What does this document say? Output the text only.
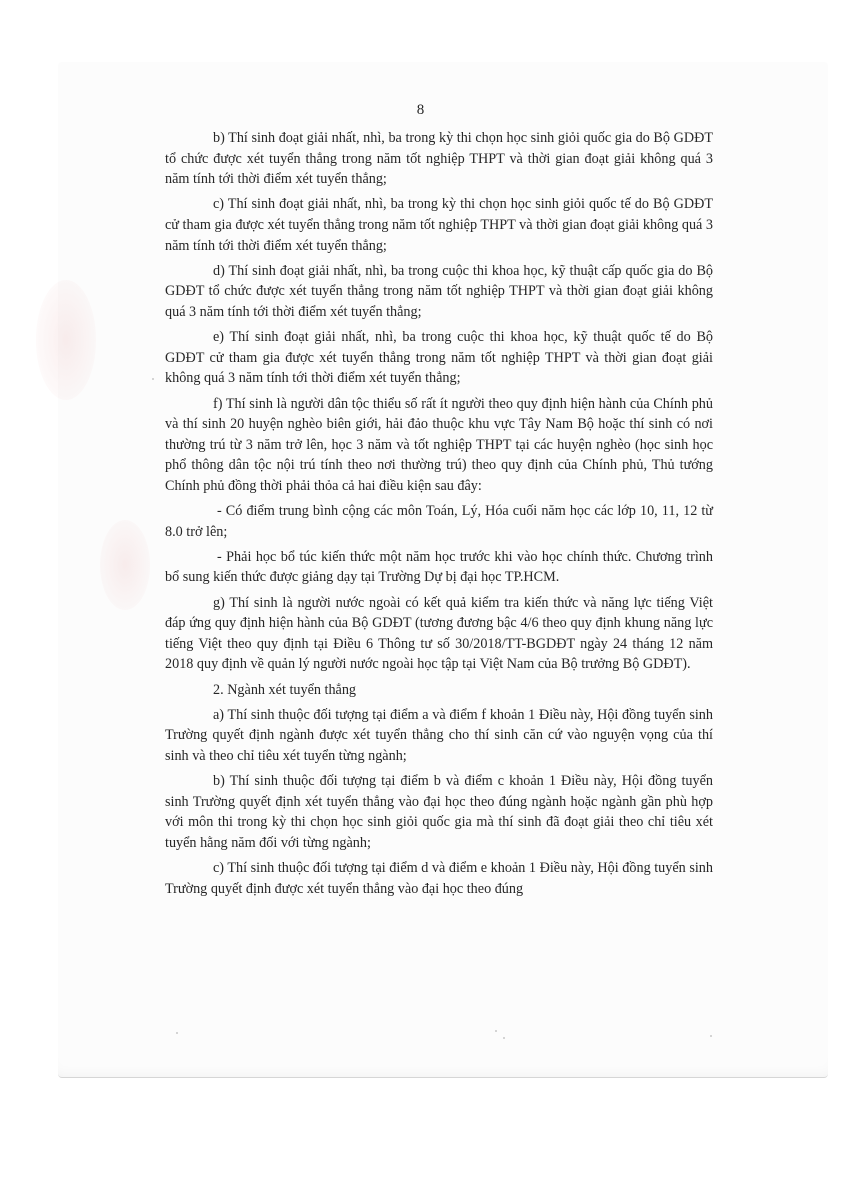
8

b) Thí sinh đoạt giải nhất, nhì, ba trong kỳ thi chọn học sinh giỏi quốc gia do Bộ GDĐT tổ chức được xét tuyển thẳng trong năm tốt nghiệp THPT và thời gian đoạt giải không quá 3 năm tính tới thời điểm xét tuyển thẳng;

c) Thí sinh đoạt giải nhất, nhì, ba trong kỳ thi chọn học sinh giỏi quốc tế do Bộ GDĐT cử tham gia được xét tuyển thẳng trong năm tốt nghiệp THPT và thời gian đoạt giải không quá 3 năm tính tới thời điểm xét tuyển thẳng;

d) Thí sinh đoạt giải nhất, nhì, ba trong cuộc thi khoa học, kỹ thuật cấp quốc gia do Bộ GDĐT tổ chức được xét tuyển thẳng trong năm tốt nghiệp THPT và thời gian đoạt giải không quá 3 năm tính tới thời điểm xét tuyển thẳng;

e) Thí sinh đoạt giải nhất, nhì, ba trong cuộc thi khoa học, kỹ thuật quốc tế do Bộ GDĐT cử tham gia được xét tuyển thẳng trong năm tốt nghiệp THPT và thời gian đoạt giải không quá 3 năm tính tới thời điểm xét tuyển thẳng;

f) Thí sinh là người dân tộc thiểu số rất ít người theo quy định hiện hành của Chính phủ và thí sinh 20 huyện nghèo biên giới, hải đảo thuộc khu vực Tây Nam Bộ hoặc thí sinh có nơi thường trú từ 3 năm trở lên, học 3 năm và tốt nghiệp THPT tại các huyện nghèo (học sinh học phổ thông dân tộc nội trú tính theo nơi thường trú) theo quy định của Chính phủ, Thủ tướng Chính phủ đồng thời phải thỏa cả hai điều kiện sau đây:

- Có điểm trung bình cộng các môn Toán, Lý, Hóa cuối năm học các lớp 10, 11, 12 từ 8.0 trở lên;

- Phải học bổ túc kiến thức một năm học trước khi vào học chính thức. Chương trình bổ sung kiến thức được giảng dạy tại Trường Dự bị đại học TP.HCM.

g) Thí sinh là người nước ngoài có kết quả kiểm tra kiến thức và năng lực tiếng Việt đáp ứng quy định hiện hành của Bộ GDĐT (tương đương bậc 4/6 theo quy định khung năng lực tiếng Việt theo quy định tại Điều 6 Thông tư số 30/2018/TT-BGDĐT ngày 24 tháng 12 năm 2018 quy định về quản lý người nước ngoài học tập tại Việt Nam của Bộ trưởng Bộ GDĐT).

2. Ngành xét tuyển thẳng

a) Thí sinh thuộc đối tượng tại điểm a và điểm f khoản 1 Điều này, Hội đồng tuyển sinh Trường quyết định ngành được xét tuyển thẳng cho thí sinh căn cứ vào nguyện vọng của thí sinh và theo chỉ tiêu xét tuyển từng ngành;

b) Thí sinh thuộc đối tượng tại điểm b và điểm c khoản 1 Điều này, Hội đồng tuyển sinh Trường quyết định xét tuyển thẳng vào đại học theo đúng ngành hoặc ngành gần phù hợp với môn thi trong kỳ thi chọn học sinh giỏi quốc gia mà thí sinh đã đoạt giải theo chỉ tiêu xét tuyển hằng năm đối với từng ngành;

c) Thí sinh thuộc đối tượng tại điểm d và điểm e khoản 1 Điều này, Hội đồng tuyển sinh Trường quyết định được xét tuyển thẳng vào đại học theo đúng
